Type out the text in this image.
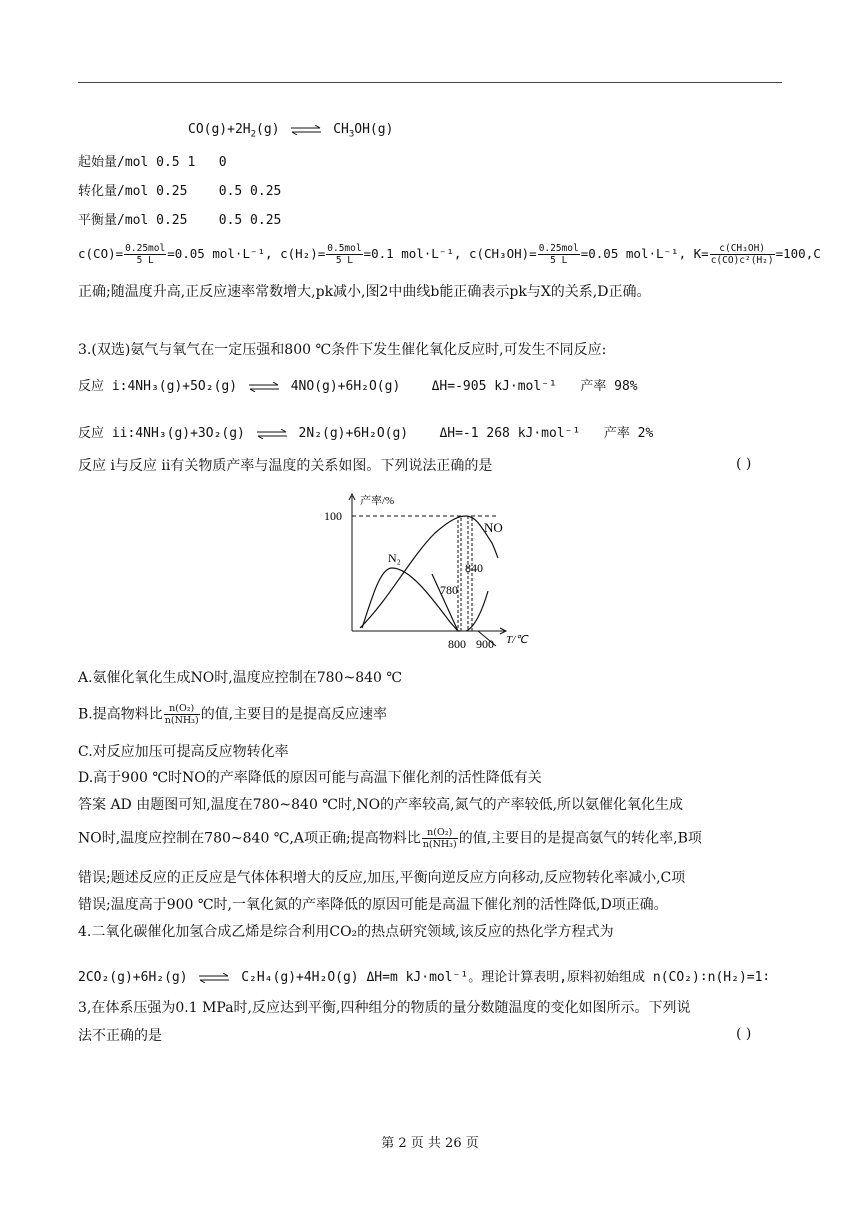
$CO(g)+2H_2(g)$ ⇌ $CH_3OH(g)$
起始量/mol 0.5 1   0
转化量/mol 0.25    0.5 0.25
平衡量/mol 0.25    0.5 0.25
$c(CO)= \frac{\text{0.25mol}}{5 L} =0.05$ mol·L⁻¹, $c(H_2)= \frac{\text{0.5mol}}{5 L} =0.1$ mol·L⁻¹, $c(CH_3OH)= \frac{\text{0.25mol}}{5 L} =0.05$ mol·L⁻¹, $K= \frac{\text{c(CH₃OH)}}{\text{c(CO)c²(H₂)}} =100,C$
正确;随温度升高,正反应速率常数增大,pk减小,图2中曲线b能正确表示pk与X的关系,D正确。
3.(双选)氨气与氧气在一定压强和800 ℃条件下发生催化氧化反应时,可发生不同反应:
反应 i:4NH₃(g)+5O₂(g) ⇌ 4NO(g)+6H₂O(g) ΔH=-905 kJ·mol⁻¹ 产率 98%
反应 ii:4NH₃(g)+3O₂(g) ⇌ 2N₂(g)+6H₂O(g) ΔH=-1 268 kJ·mol⁻¹ 产率 2%
反应 i与反应 ii有关物质产率与温度的关系如图。下列说法正确的是	( )
产率/%
100
NO
N₂
780
840
800 900 T/℃
A.氨催化氧化生成NO时,温度应控制在780~840 ℃
B.提高物料比 $\frac{\text{n(O₂)}}{\text{n(NH₃)}}$ 的值,主要目的是提高反应速率
C.对反应加压可提高反应物转化率
D.高于900 ℃时NO的产率降低的原因可能与高温下催化剂的活性降低有关
答案 AD 由题图可知,温度在780~840 ℃时,NO的产率较高,氮气的产率较低,所以氨催化氧化生成
NO时,温度应控制在780~840 ℃,A项正确;提高物料比 $\frac{\text{n(O₂)}}{\text{n(NH₃)}}$ 的值,主要目的是提高氨气的转化率,B项
错误;题述反应的正反应是气体体积增大的反应,加压,平衡向逆反应方向移动,反应物转化率减小,C项
错误;温度高于900 ℃时,一氧化氮的产率降低的原因可能是高温下催化剂的活性降低,D项正确。
4.二氧化碳催化加氢合成乙烯是综合利用CO₂的热点研究领域,该反应的热化学方程式为
2CO₂(g)+6H₂(g) ⇌ C₂H₄(g)+4H₂O(g) ΔH=m kJ·mol⁻¹。理论计算表明,原料初始组成 n(CO₂)∶n(H₂)=1∶
3,在体系压强为0.1 MPa时,反应达到平衡,四种组分的物质的量分数随温度的变化如图所示。下列说
法不正确的是	( )
第 2 页 共 26 页
